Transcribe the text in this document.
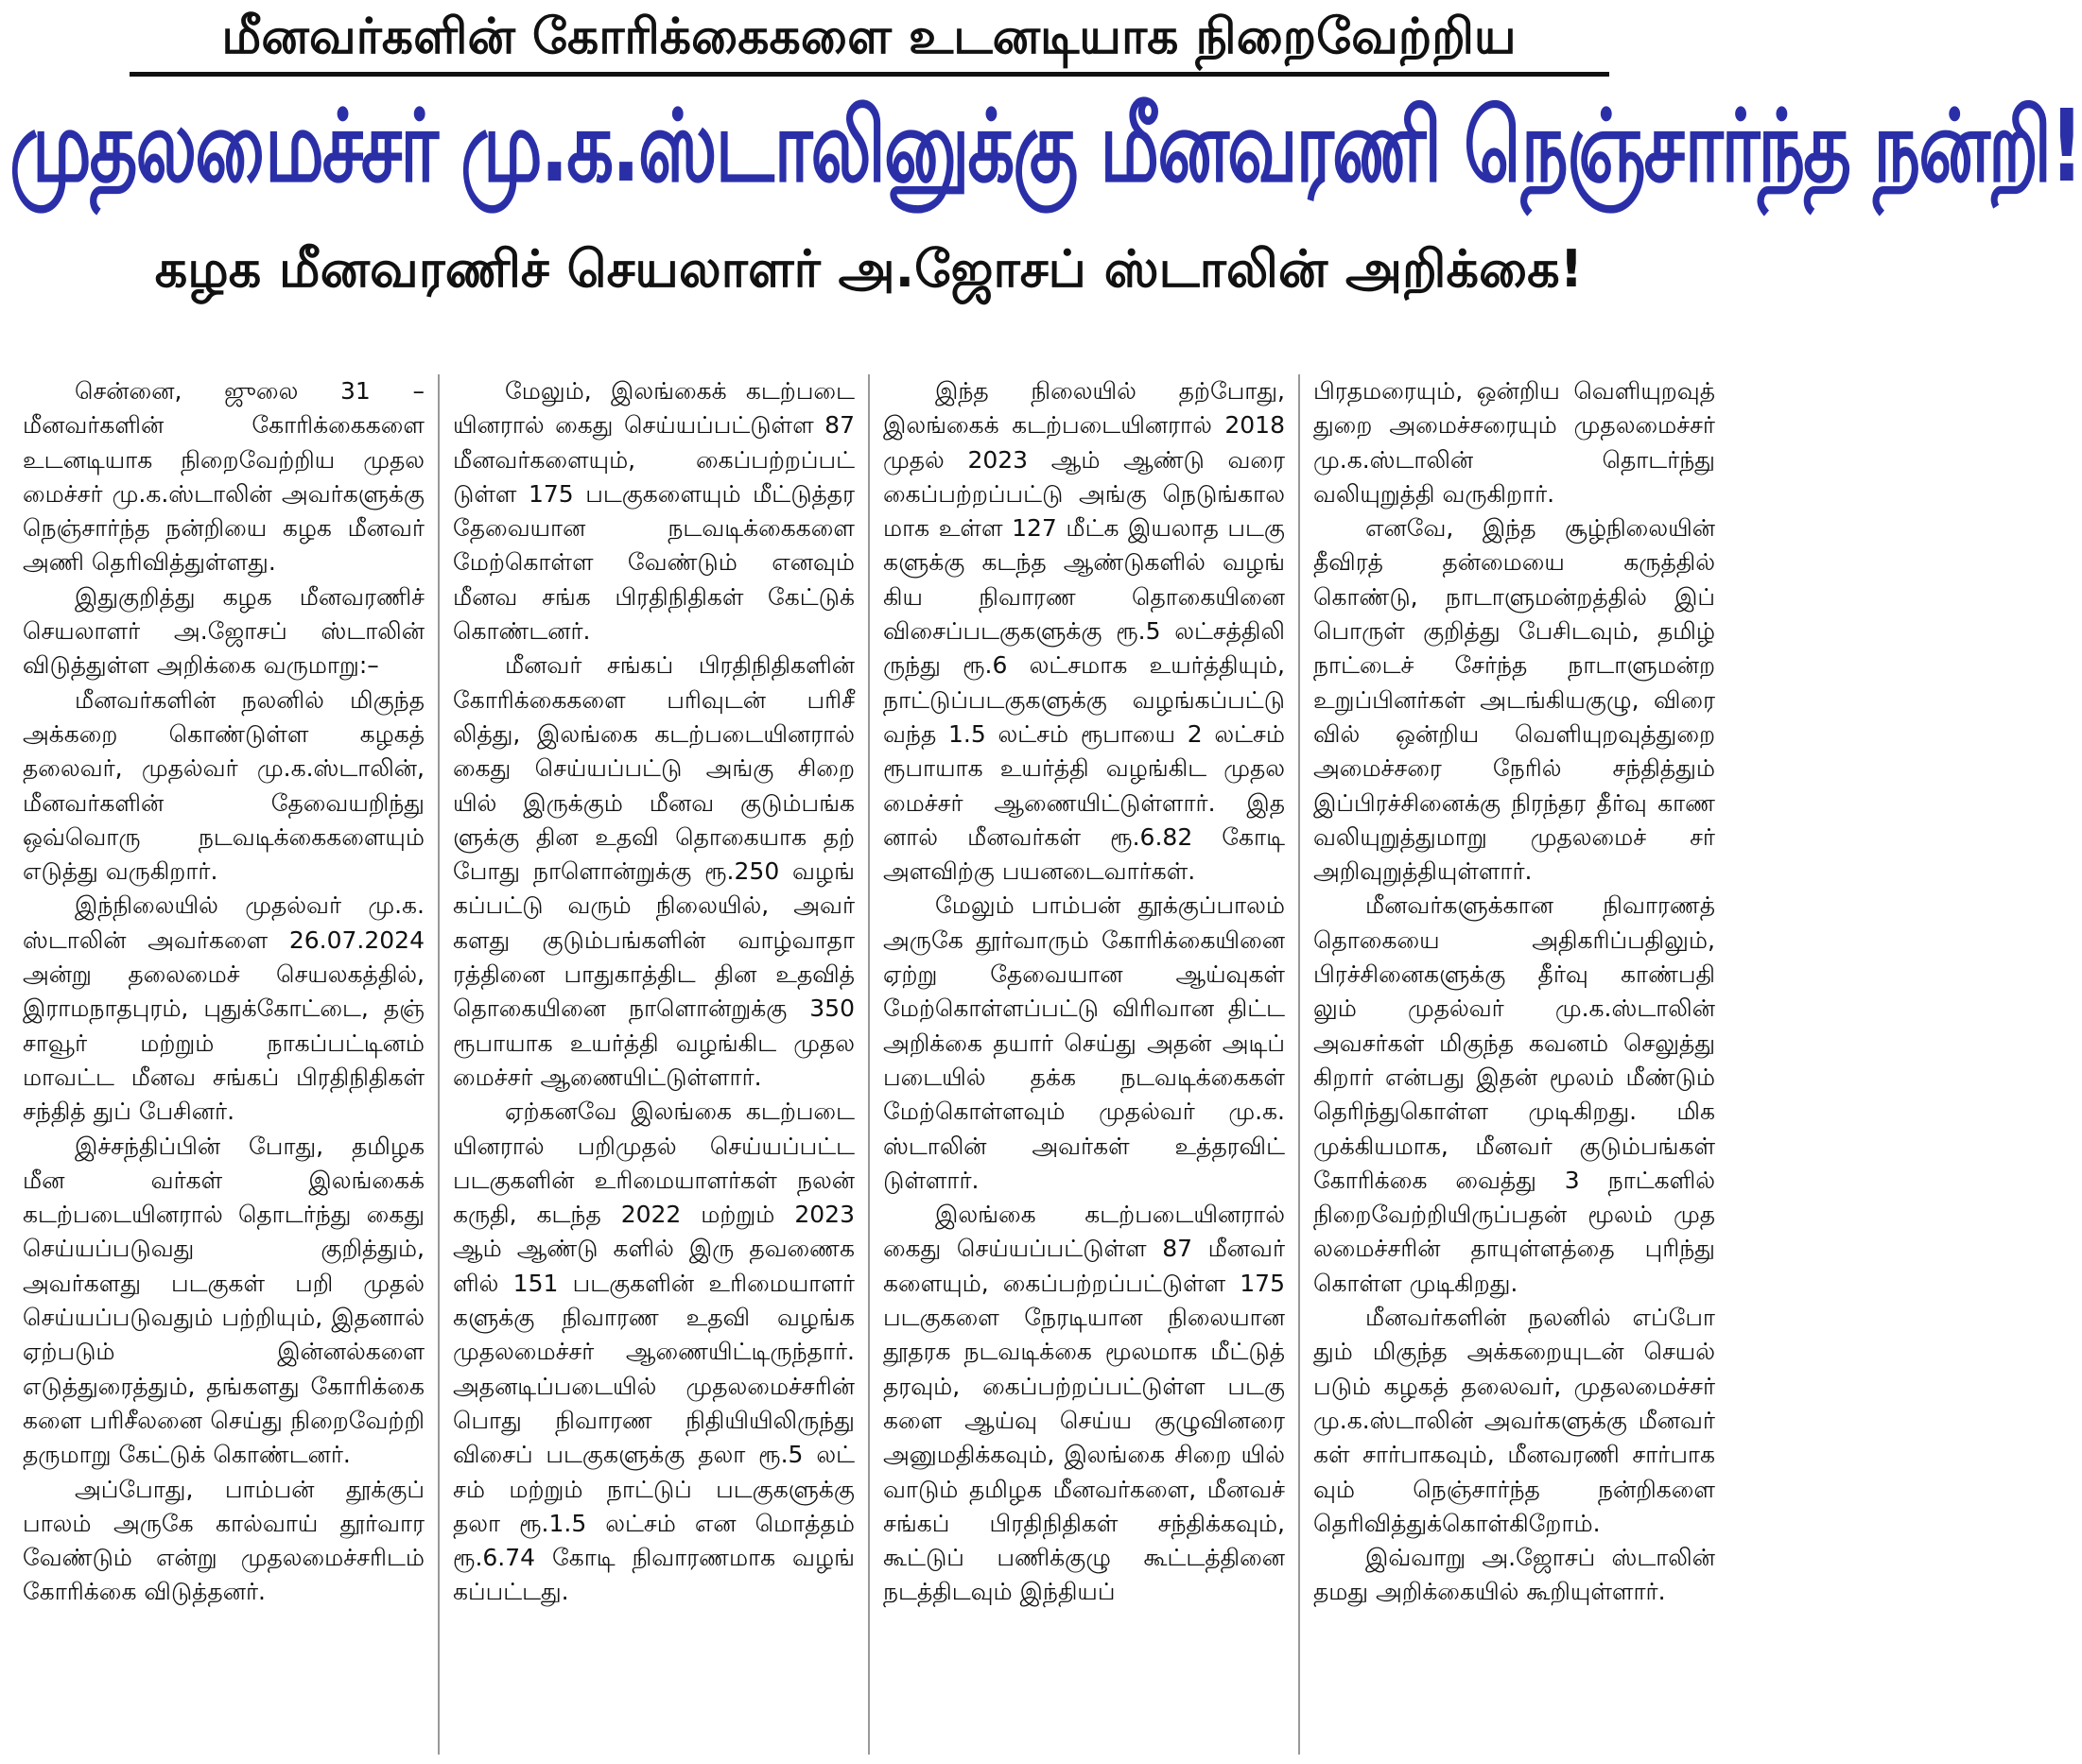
மீனவர்களின் கோரிக்கைகளை உடனடியாக நிறைவேற்றிய
முதலமைச்சர் மு.க.ஸ்டாலினுக்கு மீனவரணி நெஞ்சார்ந்த நன்றி!
கழக மீனவரணிச் செயலாளர் அ.ஜோசப் ஸ்டாலின் அறிக்கை!

சென்னை, ஜுலை 31 – மீனவர்களின் கோரிக்கைகளை உடனடியாக நிறைவேற்றிய முதல மைச்சர் மு.க.ஸ்டாலின் அவர்களுக்கு நெஞ்சார்ந்த நன்றியை கழக மீனவர் அணி தெரிவித்துள்ளது.

இதுகுறித்து கழக மீனவரணிச் செயலாளர் அ.ஜோசப் ஸ்டாலின் விடுத்துள்ள அறிக்கை வருமாறு:–

மீனவர்களின் நலனில் மிகுந்த அக்கறை கொண்டுள்ள கழகத் தலைவர், முதல்வர் மு.க.ஸ்டாலின், மீனவர்களின் தேவையறிந்து ஒவ்வொரு நடவடிக்கைகளையும் எடுத்து வருகிறார்.

இந்நிலையில் முதல்வர் மு.க. ஸ்டாலின் அவர்களை 26.07.2024 அன்று தலைமைச் செயலகத்தில், இராமநாதபுரம், புதுக்கோட்டை, தஞ் சாவூர் மற்றும் நாகப்பட்டினம் மாவட்ட மீனவ சங்கப் பிரதிநிதிகள் சந்தித் துப் பேசினர்.

இச்சந்திப்பின் போது, தமிழக மீன வர்கள் இலங்கைக் கடற்படையினரால் தொடர்ந்து கைது செய்யப்படுவது குறித்தும், அவர்களது படகுகள் பறி முதல் செய்யப்படுவதும் பற்றியும், இதனால் ஏற்படும் இன்னல்களை எடுத்துரைத்தும், தங்களது கோரிக்கை களை பரிசீலனை செய்து நிறைவேற்றி தருமாறு கேட்டுக் கொண்டனர்.

அப்போது, பாம்பன் தூக்குப் பாலம் அருகே கால்வாய் தூர்வார வேண்டும் என்று முதலமைச்சரிடம் கோரிக்கை விடுத்தனர்.

மேலும், இலங்கைக் கடற்படை யினரால் கைது செய்யப்பட்டுள்ள 87 மீனவர்களையும், கைப்பற்றப்பட் டுள்ள 175 படகுகளையும் மீட்டுத்தர தேவையான நடவடிக்கைகளை மேற்கொள்ள வேண்டும் எனவும் மீனவ சங்க பிரதிநிதிகள் கேட்டுக் கொண்டனர்.

மீனவர் சங்கப் பிரதிநிதிகளின் கோரிக்கைகளை பரிவுடன் பரிசீ லித்து, இலங்கை கடற்படையினரால் கைது செய்யப்பட்டு அங்கு சிறை யில் இருக்கும் மீனவ குடும்பங்க ளுக்கு தின உதவி தொகையாக தற் போது நாளொன்றுக்கு ரூ.250 வழங் கப்பட்டு வரும் நிலையில், அவர் களது குடும்பங்களின் வாழ்வாதா ரத்தினை பாதுகாத்திட தின உதவித் தொகையினை நாளொன்றுக்கு 350 ரூபாயாக உயர்த்தி வழங்கிட முதல மைச்சர் ஆணையிட்டுள்ளார்.

ஏற்கனவே இலங்கை கடற்படை யினரால் பறிமுதல் செய்யப்பட்ட படகுகளின் உரிமையாளர்கள் நலன் கருதி, கடந்த 2022 மற்றும் 2023 ஆம் ஆண்டு களில் இரு தவணைக ளில் 151 படகுகளின் உரிமையாளர் களுக்கு நிவாரண உதவி வழங்க முதலமைச்சர் ஆணையிட்டிருந்தார். அதனடிப்படையில் முதலமைச்சரின் பொது நிவாரண நிதியியிலிருந்து விசைப் படகுகளுக்கு தலா ரூ.5 லட் சம் மற்றும் நாட்டுப் படகுகளுக்கு தலா ரூ.1.5 லட்சம் என மொத்தம் ரூ.6.74 கோடி நிவாரணமாக வழங் கப்பட்டது.

இந்த நிலையில் தற்போது, இலங்கைக் கடற்படையினரால் 2018 முதல் 2023 ஆம் ஆண்டு வரை கைப்பற்றப்பட்டு அங்கு நெடுங்கால மாக உள்ள 127 மீட்க இயலாத படகு களுக்கு கடந்த ஆண்டுகளில் வழங் கிய நிவாரண தொகையினை விசைப்படகுகளுக்கு ரூ.5 லட்சத்திலி ருந்து ரூ.6 லட்சமாக உயர்த்தியும், நாட்டுப்படகுகளுக்கு வழங்கப்பட்டு வந்த 1.5 லட்சம் ரூபாயை 2 லட்சம் ரூபாயாக உயர்த்தி வழங்கிட முதல மைச்சர் ஆணையிட்டுள்ளார். இத னால் மீனவர்கள் ரூ.6.82 கோடி அளவிற்கு பயனடைவார்கள்.

மேலும் பாம்பன் தூக்குப்பாலம் அருகே தூர்வாரும் கோரிக்கையினை ஏற்று தேவையான ஆய்வுகள் மேற்கொள்ளப்பட்டு விரிவான திட்ட அறிக்கை தயார் செய்து அதன் அடிப் படையில் தக்க நடவடிக்கைகள் மேற்கொள்ளவும் முதல்வர் மு.க. ஸ்டாலின் அவர்கள் உத்தரவிட் டுள்ளார்.

இலங்கை கடற்படையினரால் கைது செய்யப்பட்டுள்ள 87 மீனவர் களையும், கைப்பற்றப்பட்டுள்ள 175 படகுகளை நேரடியான நிலையான தூதரக நடவடிக்கை மூலமாக மீட்டுத் தரவும், கைப்பற்றப்பட்டுள்ள படகு களை ஆய்வு செய்ய குழுவினரை அனுமதிக்கவும், இலங்கை சிறை யில் வாடும் தமிழக மீனவர்களை, மீனவச் சங்கப் பிரதிநிதிகள் சந்திக்கவும், கூட்டுப் பணிக்குழு கூட்டத்தினை நடத்திடவும் இந்தியப்

பிரதமரையும், ஒன்றிய வெளியுறவுத் துறை அமைச்சரையும் முதலமைச்சர் மு.க.ஸ்டாலின் தொடர்ந்து வலியுறுத்தி வருகிறார்.

எனவே, இந்த சூழ்நிலையின் தீவிரத் தன்மையை கருத்தில் கொண்டு, நாடாளுமன்றத்தில் இப் பொருள் குறித்து பேசிடவும், தமிழ் நாட்டைச் சேர்ந்த நாடாளுமன்ற உறுப்பினர்கள் அடங்கியகுழு, விரை வில் ஒன்றிய வெளியுறவுத்துறை அமைச்சரை நேரில் சந்தித்தும் இப்பிரச்சினைக்கு நிரந்தர தீர்வு காண வலியுறுத்துமாறு முதலமைச் சர் அறிவுறுத்தியுள்ளார்.

மீனவர்களுக்கான நிவாரணத் தொகையை அதிகரிப்பதிலும், பிரச்சினைகளுக்கு தீர்வு காண்பதி லும் முதல்வர் மு.க.ஸ்டாலின் அவசர்கள் மிகுந்த கவனம் செலுத்து கிறார் என்பது இதன் மூலம் மீண்டும் தெரிந்துகொள்ள முடிகிறது. மிக முக்கியமாக, மீனவர் குடும்பங்கள் கோரிக்கை வைத்து 3 நாட்களில் நிறைவேற்றியிருப்பதன் மூலம் முத லமைச்சரின் தாயுள்ளத்தை புரிந்து கொள்ள முடிகிறது.

மீனவர்களின் நலனில் எப்போ தும் மிகுந்த அக்கறையுடன் செயல் படும் கழகத் தலைவர், முதலமைச்சர் மு.க.ஸ்டாலின் அவர்களுக்கு மீனவர் கள் சார்பாகவும், மீனவரணி சார்பாக வும் நெஞ்சார்ந்த நன்றிகளை தெரிவித்துக்கொள்கிறோம்.

இவ்வாறு அ.ஜோசப் ஸ்டாலின் தமது அறிக்கையில் கூறியுள்ளார்.
